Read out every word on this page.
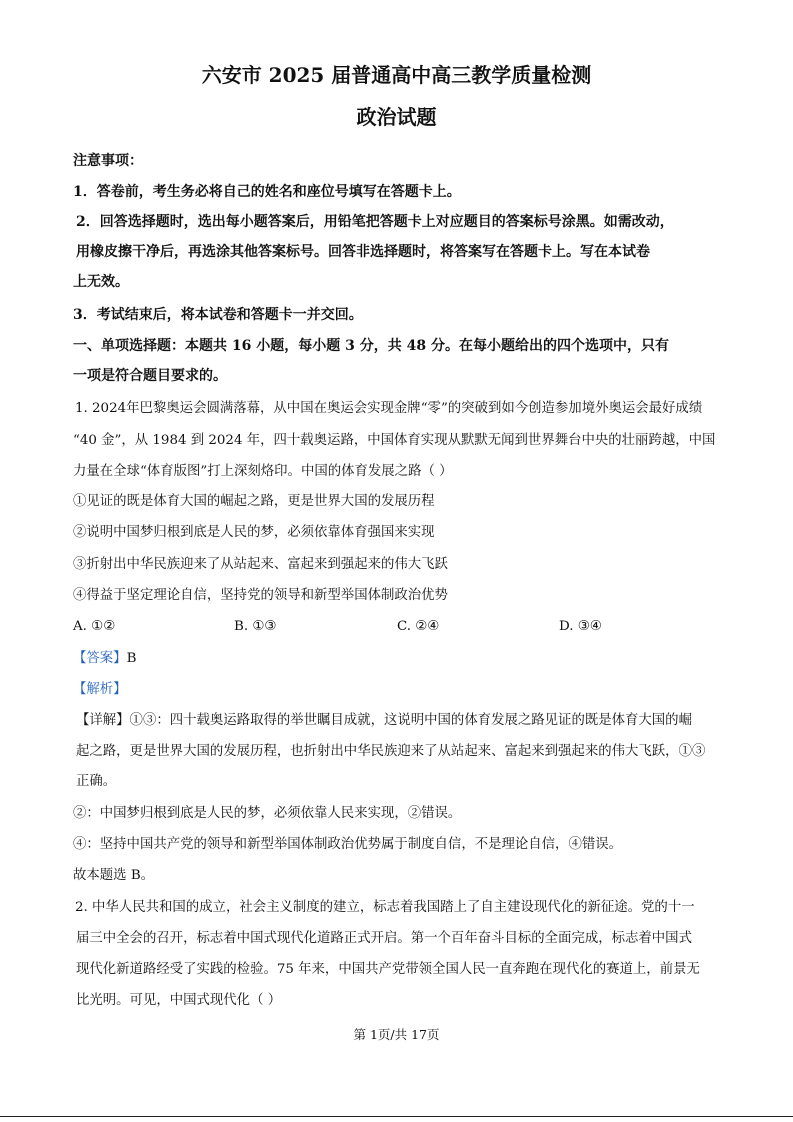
六安市 2025 届普通高中高三教学质量检测
政治试题
注意事项：
1．答卷前，考生务必将自己的姓名和座位号填写在答题卡上。
2．回答选择题时，选出每小题答案后，用铅笔把答题卡上对应题目的答案标号涂黑。如需改动，
用橡皮擦干净后，再选涂其他答案标号。回答非选择题时，将答案写在答题卡上。写在本试卷
上无效。
3．考试结束后，将本试卷和答题卡一并交回。
一、单项选择题：本题共 16 小题，每小题 3 分，共 48 分。在每小题给出的四个选项中，只有
一项是符合题目要求的。
1. 2024年巴黎奥运会圆满落幕，从中国在奥运会实现金牌“零”的突破到如今创造参加境外奥运会最好成绩
“40 金”，从 1984 到 2024 年，四十载奥运路，中国体育实现从默默无闻到世界舞台中央的壮丽跨越，中国
力量在全球“体育版图”打上深刻烙印。中国的体育发展之路（ ）
①见证的既是体育大国的崛起之路，更是世界大国的发展历程
②说明中国梦归根到底是人民的梦，必须依靠体育强国来实现
③折射出中华民族迎来了从站起来、富起来到强起来的伟大飞跃
④得益于坚定理论自信，坚持党的领导和新型举国体制政治优势
A. ①②	B. ①③	C. ②④	D. ③④
【答案】B
【解析】
【详解】①③：四十载奥运路取得的举世瞩目成就，这说明中国的体育发展之路见证的既是体育大国的崛
起之路，更是世界大国的发展历程，也折射出中华民族迎来了从站起来、富起来到强起来的伟大飞跃，①③
正确。
②：中国梦归根到底是人民的梦，必须依靠人民来实现，②错误。
④：坚持中国共产党的领导和新型举国体制政治优势属于制度自信，不是理论自信，④错误。
故本题选 B。
2. 中华人民共和国的成立，社会主义制度的建立，标志着我国踏上了自主建设现代化的新征途。党的十一
届三中全会的召开，标志着中国式现代化道路正式开启。第一个百年奋斗目标的全面完成，标志着中国式
现代化新道路经受了实践的检验。75 年来，中国共产党带领全国人民一直奔跑在现代化的赛道上，前景无
比光明。可见，中国式现代化（ ）
第 1页/共 17页
